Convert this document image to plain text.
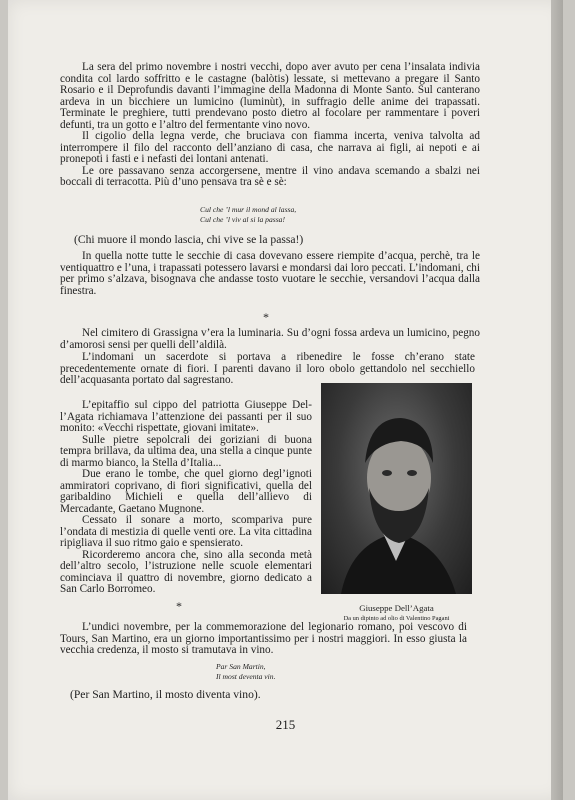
La sera del primo novembre i nostri vecchi, dopo aver avuto per cena l’insalata indivia condita col lardo soffritto e le castagne (balòtis) lessate, si mettevano a pregare il Santo Rosario e il Deprofundis davanti l’immagine della Madonna di Monte Santo. Sul canterano ardeva in un bicchiere un lumicino (luminùt), in suffragio delle anime dei trapassati. Terminate le preghiere, tutti prendevano posto dietro al focolare per rammentare i poveri defunti, tra un gotto e l’altro del fermentante vino novo.

Il cigolio della legna verde, che bruciava con fiamma incerta, veniva talvolta ad interrompere il filo del racconto dell’anziano di casa, che narrava ai figli, ai nepoti e ai pronepoti i fasti e i nefasti dei lontani antenati.

Le ore passavano senza accorgersene, mentre il vino andava scemando a sbalzi nei boccali di terracotta. Più d’uno pensava tra sè e sè:

Cul che ’l mur il mond al lassa,
Cul che ’l viv al si la passa!
(Chi muore il mondo lascia, chi vive se la passa!)

In quella notte tutte le secchie di casa dovevano essere riempite d’acqua, perchè, tra le ventiquattro e l’una, i trapassati potessero lavarsi e mondarsi dai loro peccati. L’indomani, chi per primo s’alzava, bisognava che andasse tosto vuotare le secchie, versandovi l’acqua dalla finestra.

*

Nel cimitero di Grassigna v’era la luminaria. Su d’ogni fossa ardeva un lumicino, pegno d’amorosi sensi per quelli dell’aldilà.

L’indomani un sacerdote si portava a ribenedire le fosse ch’erano state precedentemente ornate di fiori. I parenti davano il loro obolo gettandolo nel secchiello dell’acquasanta portato dal sagrestano.

L’epitaffio sul cippo del patriotta Giuseppe Del-l’Agata richiamava l’attenzione dei passanti per il suo monito: «Vecchi rispettate, giovani imitate».

Sulle pietre sepolcrali dei goriziani di buona tempra brillava, da ultima dea, una stella a cinque punte di marmo bianco, la Stella d’Italia...

Due erano le tombe, che quel giorno degl’ignoti ammiratori coprivano, di fiori significativi, quella del garibaldino Michieli e quella dell’allievo di Mercadante, Gaetano Mugnone.

Cessato il sonare a morto, scompariva pure l’ondata di mestizia di quelle venti ore. La vita cittadina ripigliava il suo ritmo gaio e spensierato.

Ricorderemo ancora che, sino alla seconda metà dell’altro secolo, l’istruzione nelle scuole elementari cominciava il quattro di novembre, giorno dedicato a San Carlo Borromeo.

Giuseppe Dell’Agata
Da un dipinto ad olio di Valentino Pagani
*

L’undici novembre, per la commemorazione del legionario romano, poi vescovo di Tours, San Martino, era un giorno importantissimo per i nostri maggiori. In esso giusta la vecchia credenza, il mosto si tramutava in vino.

Par San Martin,
Il most deventa vin.
(Per San Martino, il mosto diventa vino).
215
